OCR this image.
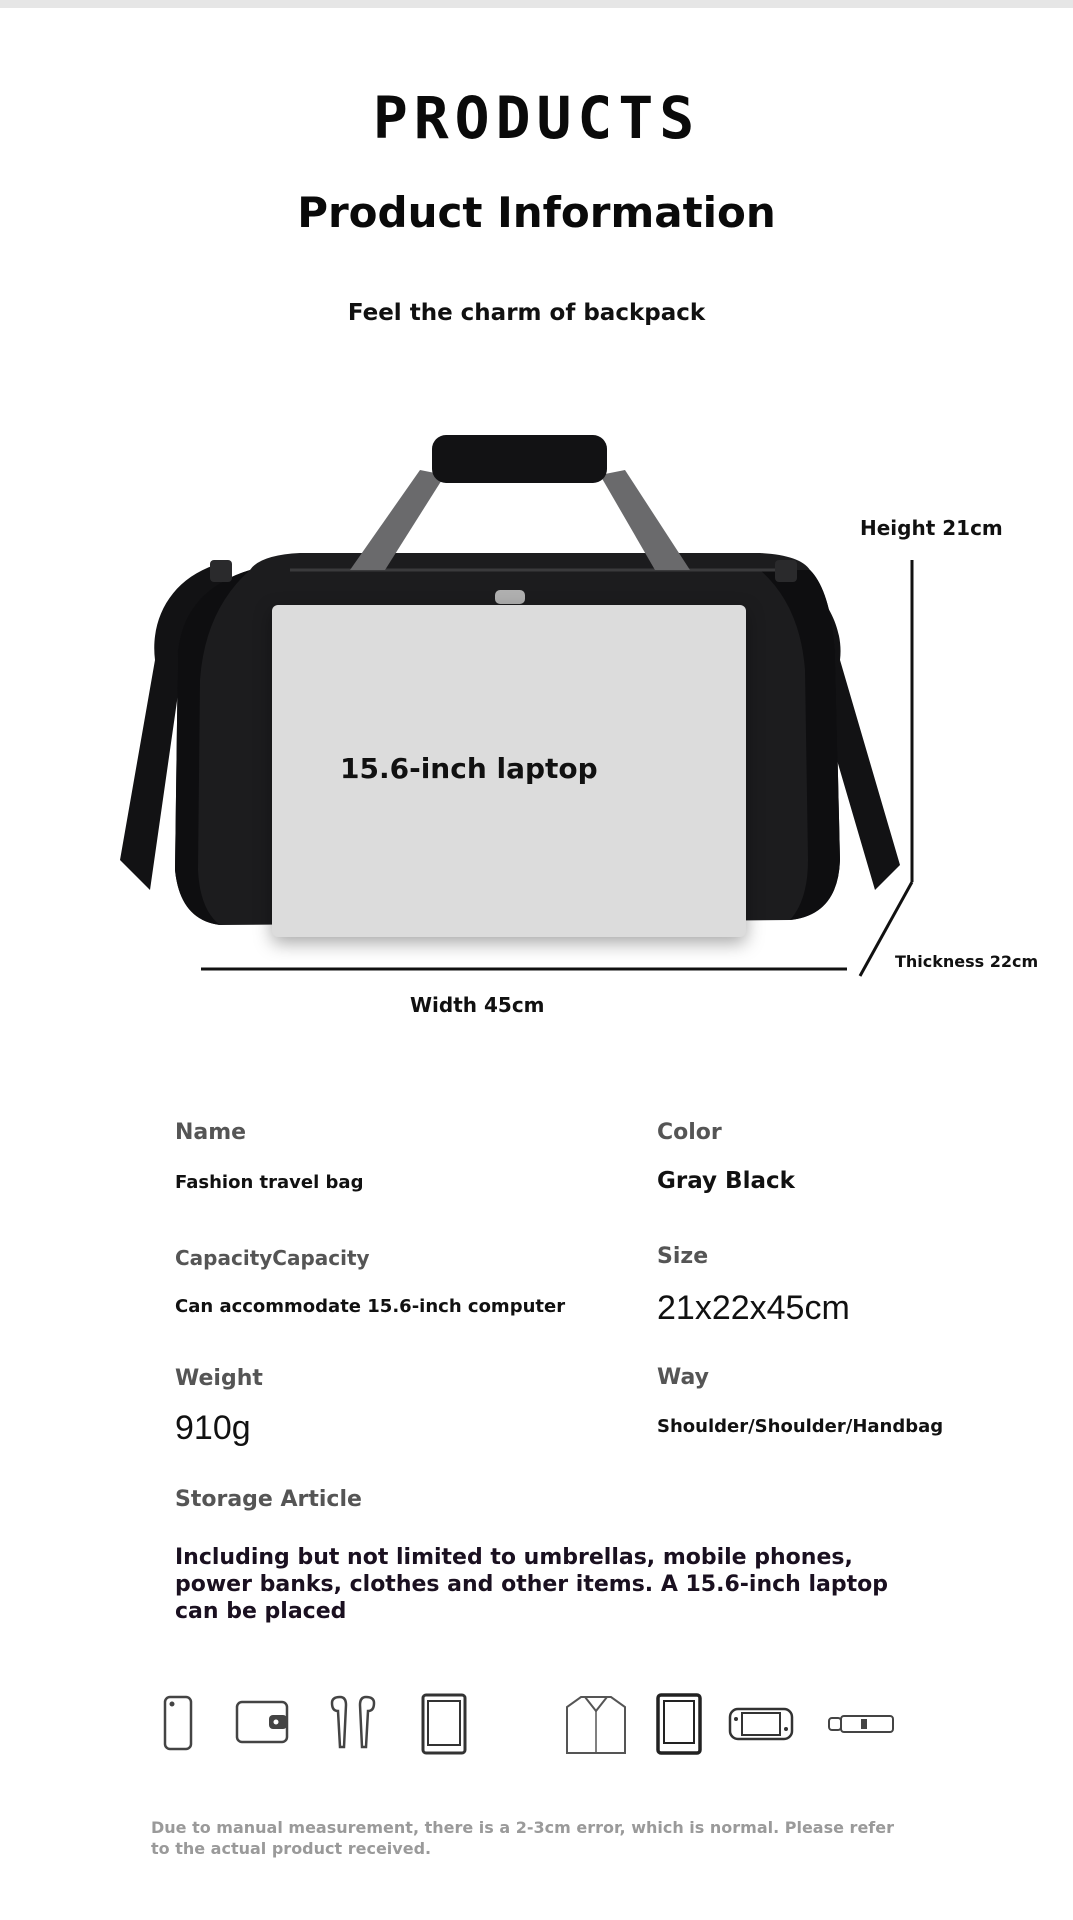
PRODUCTS
Product Information
Feel the charm of backpack
15.6-inch laptop
Height 21cm
Thickness 22cm
Width 45cm
Name
Fashion travel bag
Color
Gray Black
CapacityCapacity
Can accommodate 15.6-inch computer
Size
21x22x45cm
Weight
910g
Way
Shoulder/Shoulder/Handbag
Storage Article
Including but not limited to umbrellas, mobile phones, power banks, clothes and other items. A 15.6-inch laptop can be placed
Due to manual measurement, there is a 2-3cm error, which is normal. Please refer to the actual product received.
